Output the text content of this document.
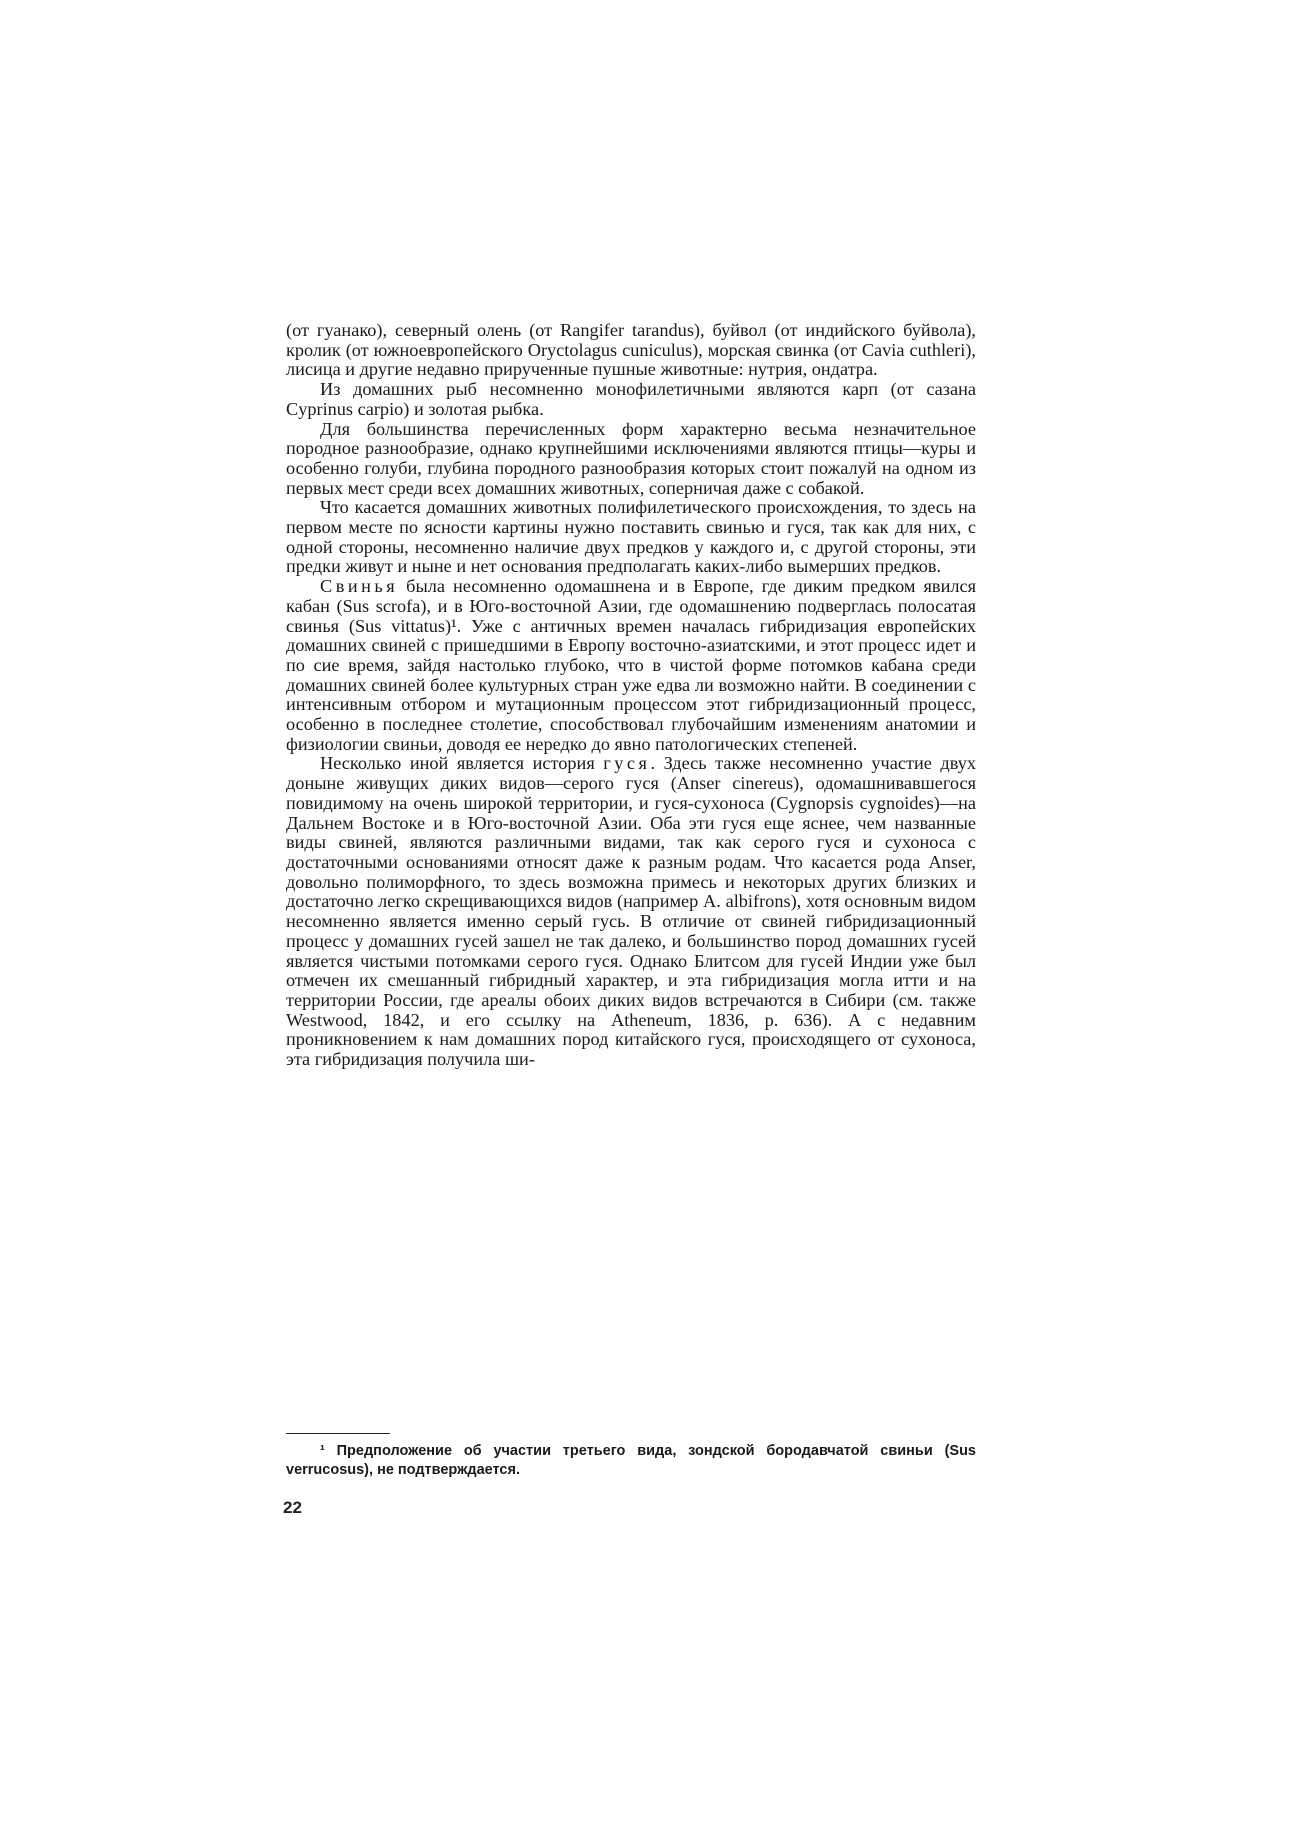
(от гуанако), северный олень (от Rangifer tarandus), буйвол (от индийского буйвола), кролик (от южноевропейского Orуctolagus cuniculus), морская свинка (от Cavia cuthleri), лисица и другие недавно прирученные пушные животные: нутрия, ондатра.

Из домашних рыб несомненно монофилетичными являются карп (от сазана Cyprinus carpio) и золотая рыбка.

Для большинства перечисленных форм характерно весьма незначительное породное разнообразие, однако крупнейшими исключениями являются птицы—куры и особенно голуби, глубина породного разнообразия которых стоит пожалуй на одном из первых мест среди всех домашних животных, соперничая даже с собакой.

Что касается домашних животных полифилетического происхождения, то здесь на первом месте по ясности картины нужно поставить свинью и гуся, так как для них, с одной стороны, несомненно наличие двух предков у каждого и, с другой стороны, эти предки живут и ныне и нет основания предполагать каких-либо вымерших предков.

Свинья была несомненно одомашнена и в Европе, где диким предком явился кабан (Sus scrofa), и в Юго-восточной Азии, где одомашнению подверглась полосатая свинья (Sus vittatus)¹. Уже с античных времен началась гибридизация европейских домашних свиней с пришедшими в Европу восточно-азиатскими, и этот процесс идет и по сие время, зайдя настолько глубоко, что в чистой форме потомков кабана среди домашних свиней более культурных стран уже едва ли возможно найти. В соединении с интенсивным отбором и мутационным процессом этот гибридизационный процесс, особенно в последнее столетие, способствовал глубочайшим изменениям анатомии и физиологии свиньи, доводя ее нередко до явно патологических степеней.

Несколько иной является история гуся. Здесь также несомненно участие двух доныне живущих диких видов—серого гуся (Anser cinereus), одомашнивавшегося повидимому на очень широкой территории, и гуся-сухоноса (Cygnopsis cygnoides)—на Дальнем Востоке и в Юго-восточной Азии. Оба эти гуся еще яснее, чем названные виды свиней, являются различными видами, так как серого гуся и сухоноса с достаточными основаниями относят даже к разным родам. Что касается рода Anser, довольно полиморфного, то здесь возможна примесь и некоторых других близких и достаточно легко скрещивающихся видов (например A. albifrons), хотя основным видом несомненно является именно серый гусь. В отличие от свиней гибридизационный процесс у домашних гусей зашел не так далеко, и большинство пород домашних гусей является чистыми потомками серого гуся. Однако Блитсом для гусей Индии уже был отмечен их смешанный гибридный характер, и эта гибридизация могла итти и на территории России, где ареалы обоих диких видов встречаются в Сибири (см. также Westwood, 1842, и его ссылку на Athenеum, 1836, p. 636). А с недавним проникновением к нам домашних пород китайского гуся, происходящего от сухоноса, эта гибридизация получила ши-

¹ Предположение об участии третьего вида, зондской бородавчатой свиньи (Sus verrucosus), не подтверждается.
22
